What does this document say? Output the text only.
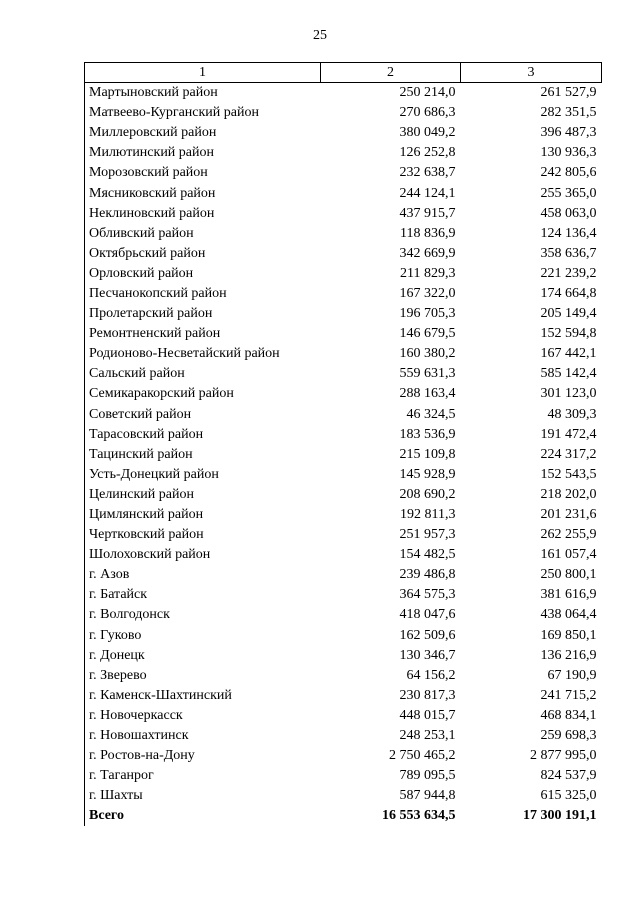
25
1	2	3
Мартыновский район	250 214,0	261 527,9
Матвеево-Курганский район	270 686,3	282 351,5
Миллеровский район	380 049,2	396 487,3
Милютинский район	126 252,8	130 936,3
Морозовский район	232 638,7	242 805,6
Мясниковский район	244 124,1	255 365,0
Неклиновский район	437 915,7	458 063,0
Обливский район	118 836,9	124 136,4
Октябрьский район	342 669,9	358 636,7
Орловский район	211 829,3	221 239,2
Песчанокопский район	167 322,0	174 664,8
Пролетарский район	196 705,3	205 149,4
Ремонтненский район	146 679,5	152 594,8
Родионово-Несветайский район	160 380,2	167 442,1
Сальский район	559 631,3	585 142,4
Семикаракорский район	288 163,4	301 123,0
Советский район	46 324,5	48 309,3
Тарасовский район	183 536,9	191 472,4
Тацинский район	215 109,8	224 317,2
Усть-Донецкий район	145 928,9	152 543,5
Целинский район	208 690,2	218 202,0
Цимлянский район	192 811,3	201 231,6
Чертковский район	251 957,3	262 255,9
Шолоховский район	154 482,5	161 057,4
г. Азов	239 486,8	250 800,1
г. Батайск	364 575,3	381 616,9
г. Волгодонск	418 047,6	438 064,4
г. Гуково	162 509,6	169 850,1
г. Донецк	130 346,7	136 216,9
г. Зверево	64 156,2	67 190,9
г. Каменск-Шахтинский	230 817,3	241 715,2
г. Новочеркасск	448 015,7	468 834,1
г. Новошахтинск	248 253,1	259 698,3
г. Ростов-на-Дону	2 750 465,2	2 877 995,0
г. Таганрог	789 095,5	824 537,9
г. Шахты	587 944,8	615 325,0
Всего	16 553 634,5	17 300 191,1
